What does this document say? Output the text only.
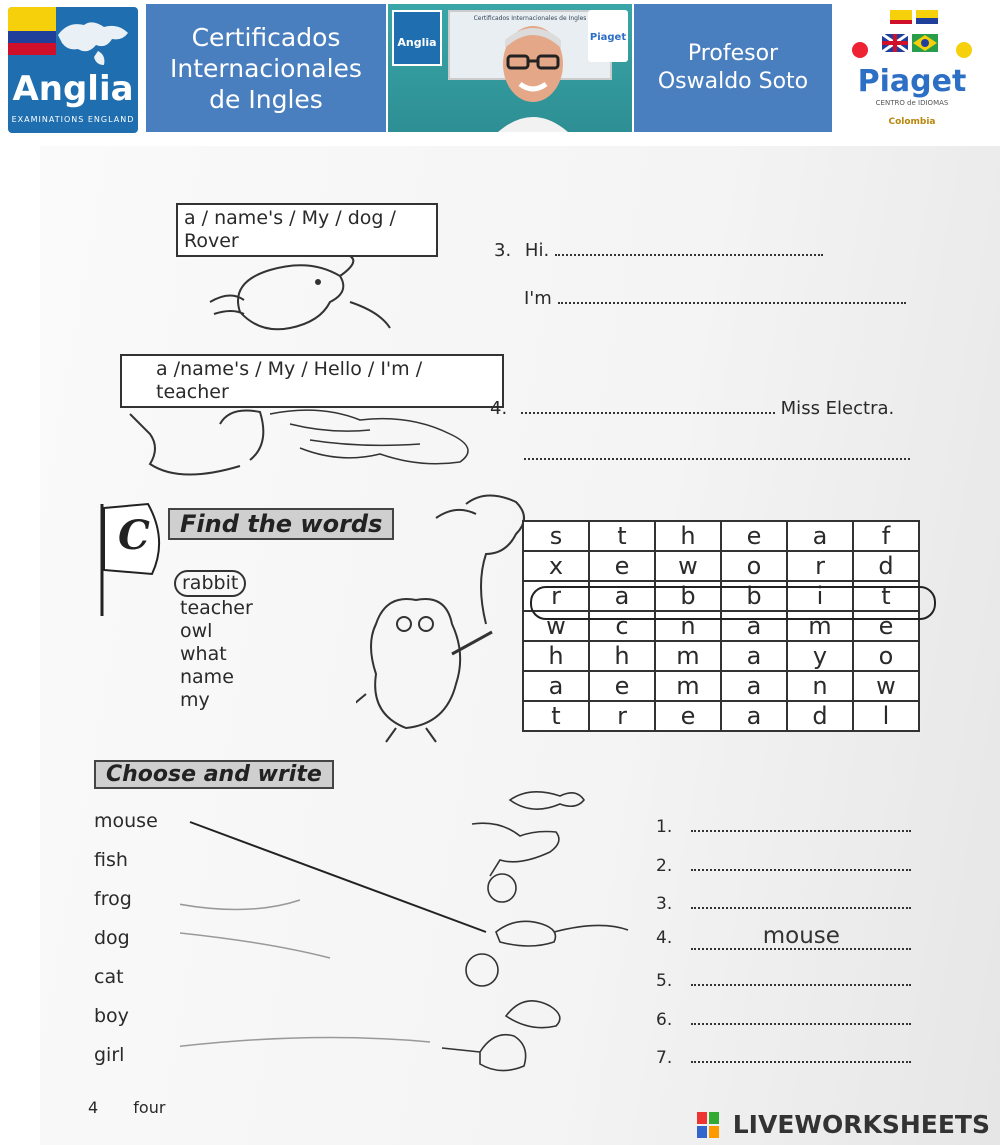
Anglia
EXAMINATIONS ENGLAND
Certificados
Internacionales
de Ingles
Anglia
Certificados Internacionales de Ingles
Piaget
Profesor
Oswaldo Soto	Piaget
CENTRO de IDIOMAS
Colombia
a / name's / My / dog /
Rover	3. Hi.
I'm
a /name's / My / Hello / I'm /
teacher
4.	Miss Electra.
C	Find the words
rabbit
teacher
owl
what
name
my
s	t	h	e	a	f
x	e	w	o	r	d
r	a	b	b	i	t
w	c	n	a	m	e
h	h	m	a	y	o
a	e	m	a	n	w
t	r	e	a	d	l
Choose and write
mouse
fish
frog
dog
cat
boy
girl
1.
2.
3.
4.	mouse
5.
6.
7.
4 four
LIVEWORKSHEETS
